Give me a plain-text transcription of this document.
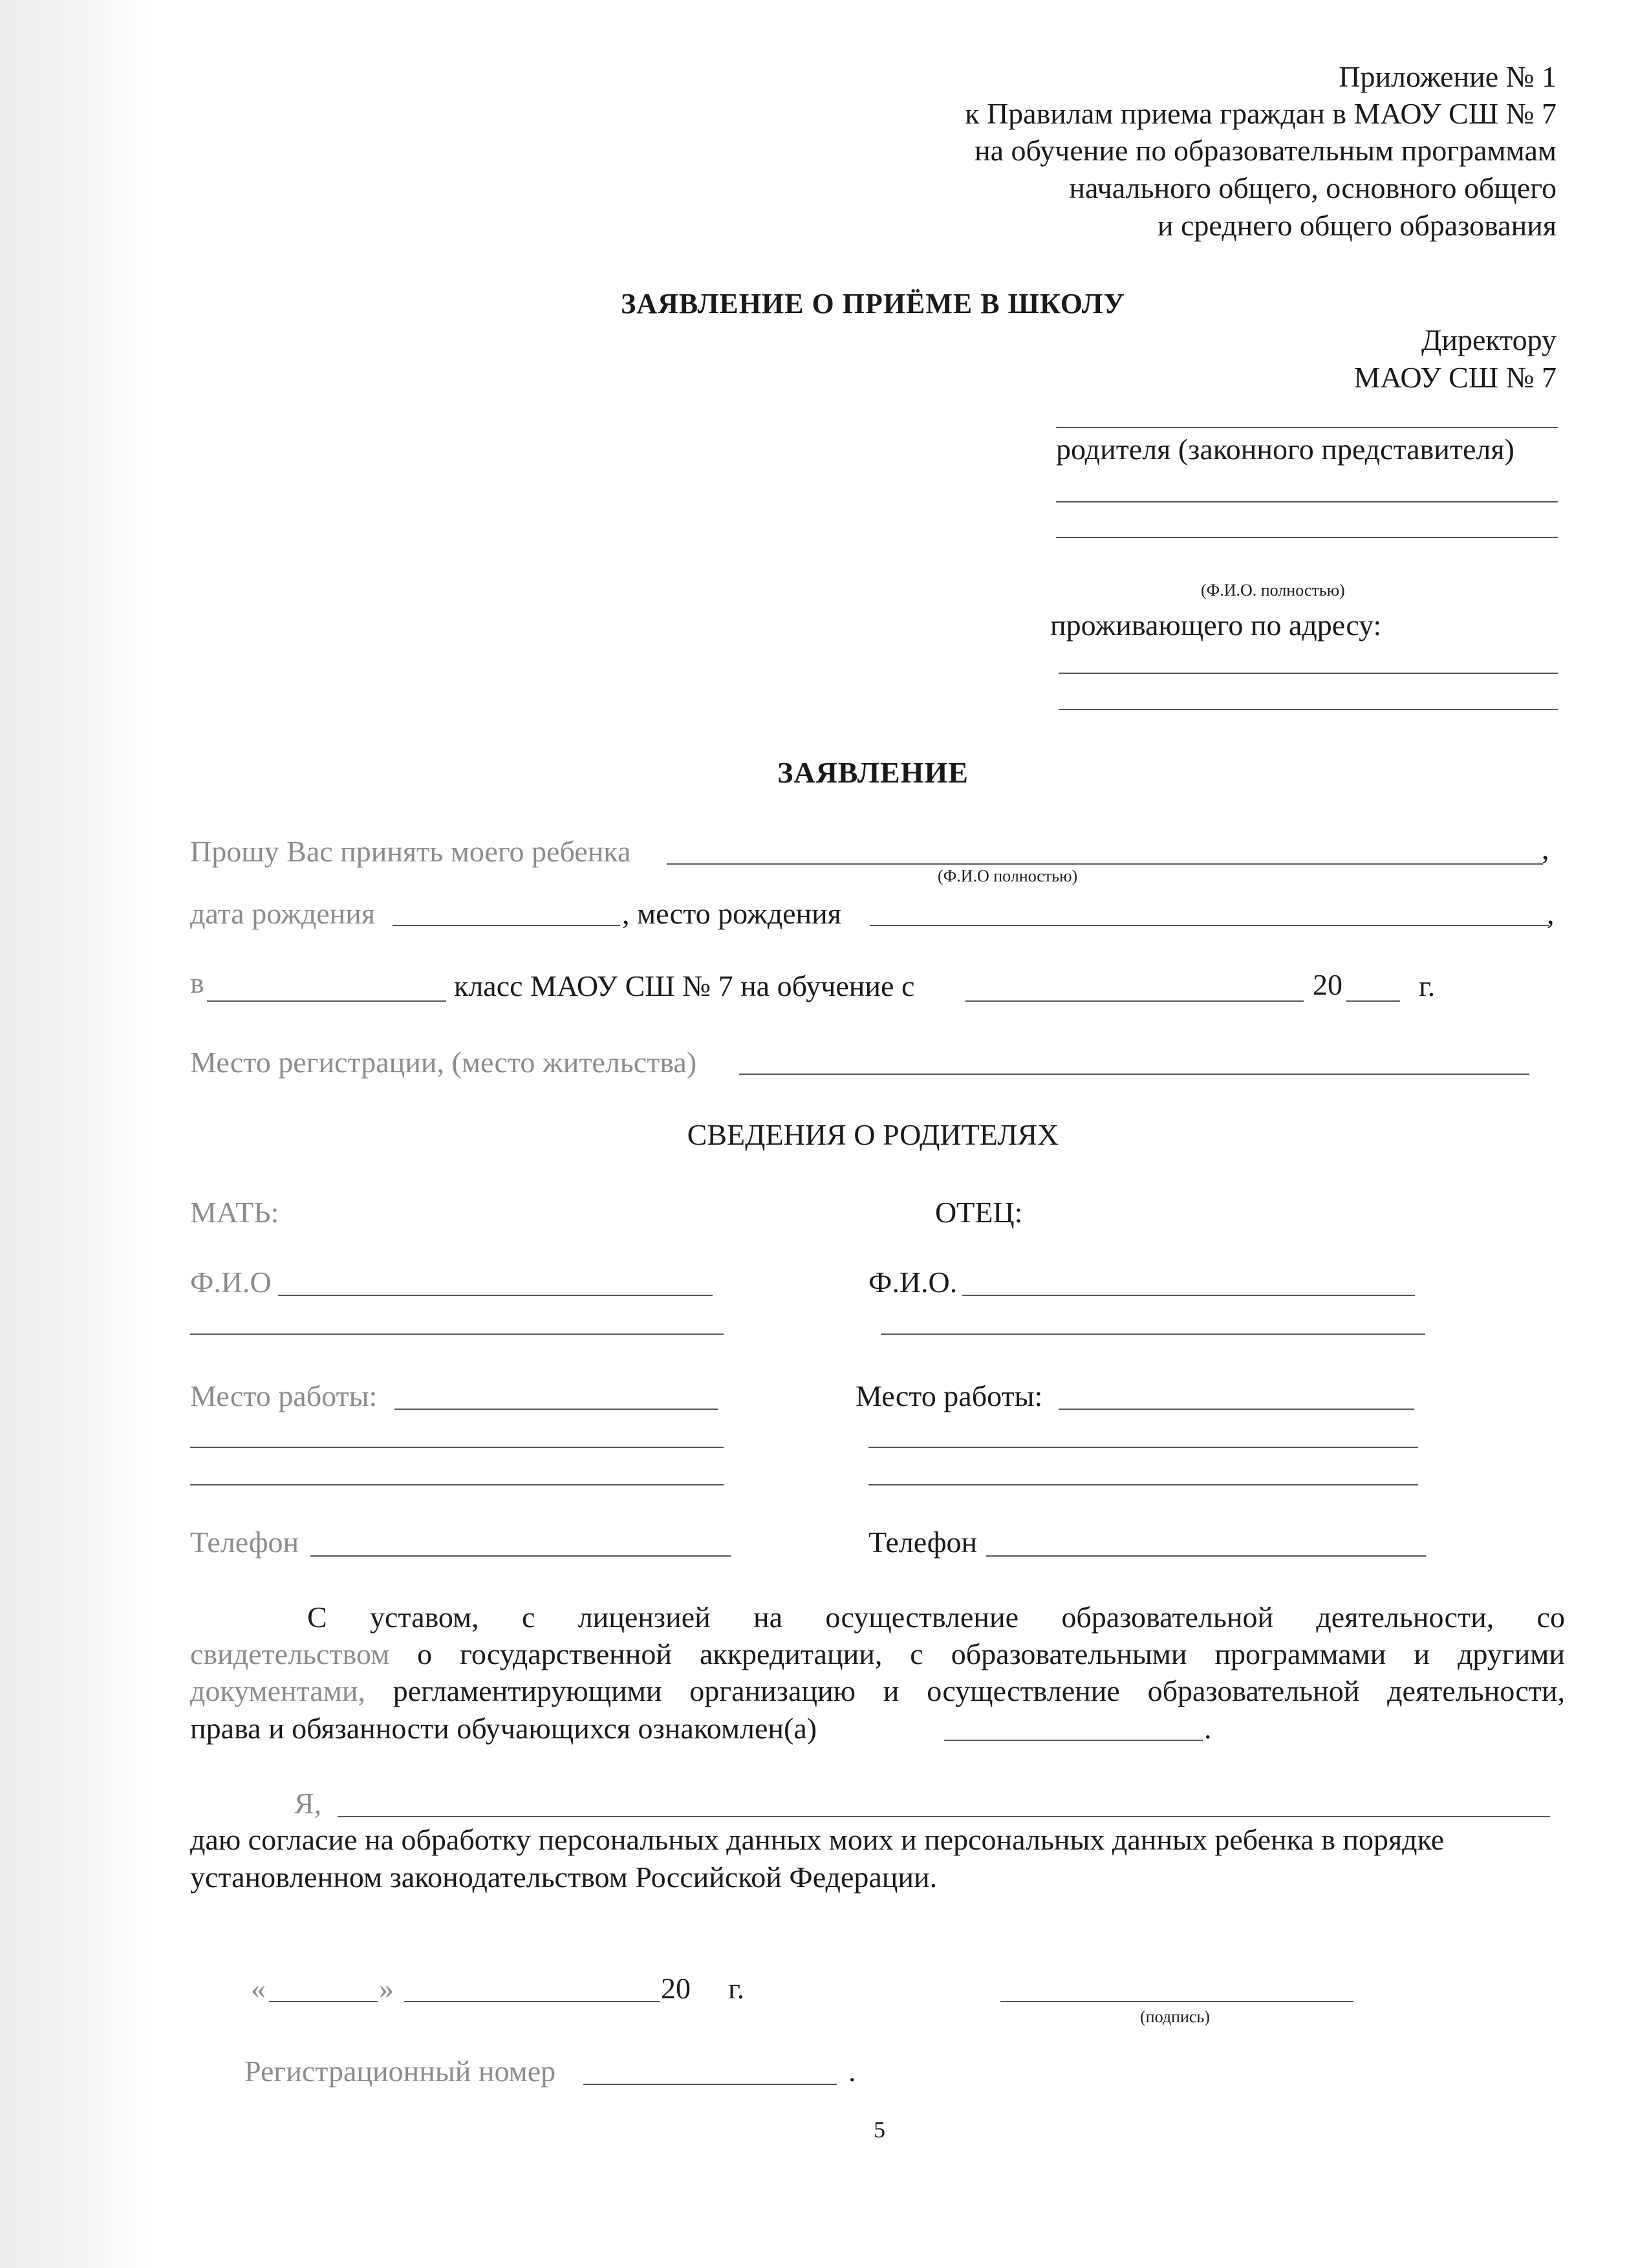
Приложение № 1
к Правилам приема граждан в МАОУ СШ № 7
на обучение по образовательным программам
начального общего, основного общего
и среднего общего образования
ЗАЯВЛЕНИЕ О ПРИЁМЕ В ШКОЛУ
Директору
МАОУ СШ № 7
родителя (законного представителя)
(Ф.И.О. полностью)
проживающего по адресу:
ЗАЯВЛЕНИЕ
Прошу Вас принять моего ребенка	,
(Ф.И.О полностью)
дата рождения	, место рождения	,
в	класс МАОУ СШ № 7 на обучение с	20	г.
Место регистрации, (место жительства)
СВЕДЕНИЯ О РОДИТЕЛЯХ
МАТЬ:	ОТЕЦ:
Ф.И.О	Ф.И.О.
Место работы:	Место работы:
Телефон	Телефон
С уставом, с лицензией на осуществление образовательной деятельности, со
свидетельством о государственной аккредитации, с образовательными программами и другими
документами, регламентирующими организацию и осуществление образовательной деятельности,
права и обязанности обучающихся ознакомлен(а)	.
Я,
даю согласие на обработку персональных данных моих и персональных данных ребенка в порядке
установленном законодательством Российской Федерации.
«	»	20 г.
(подпись)
Регистрационный номер	.
5
